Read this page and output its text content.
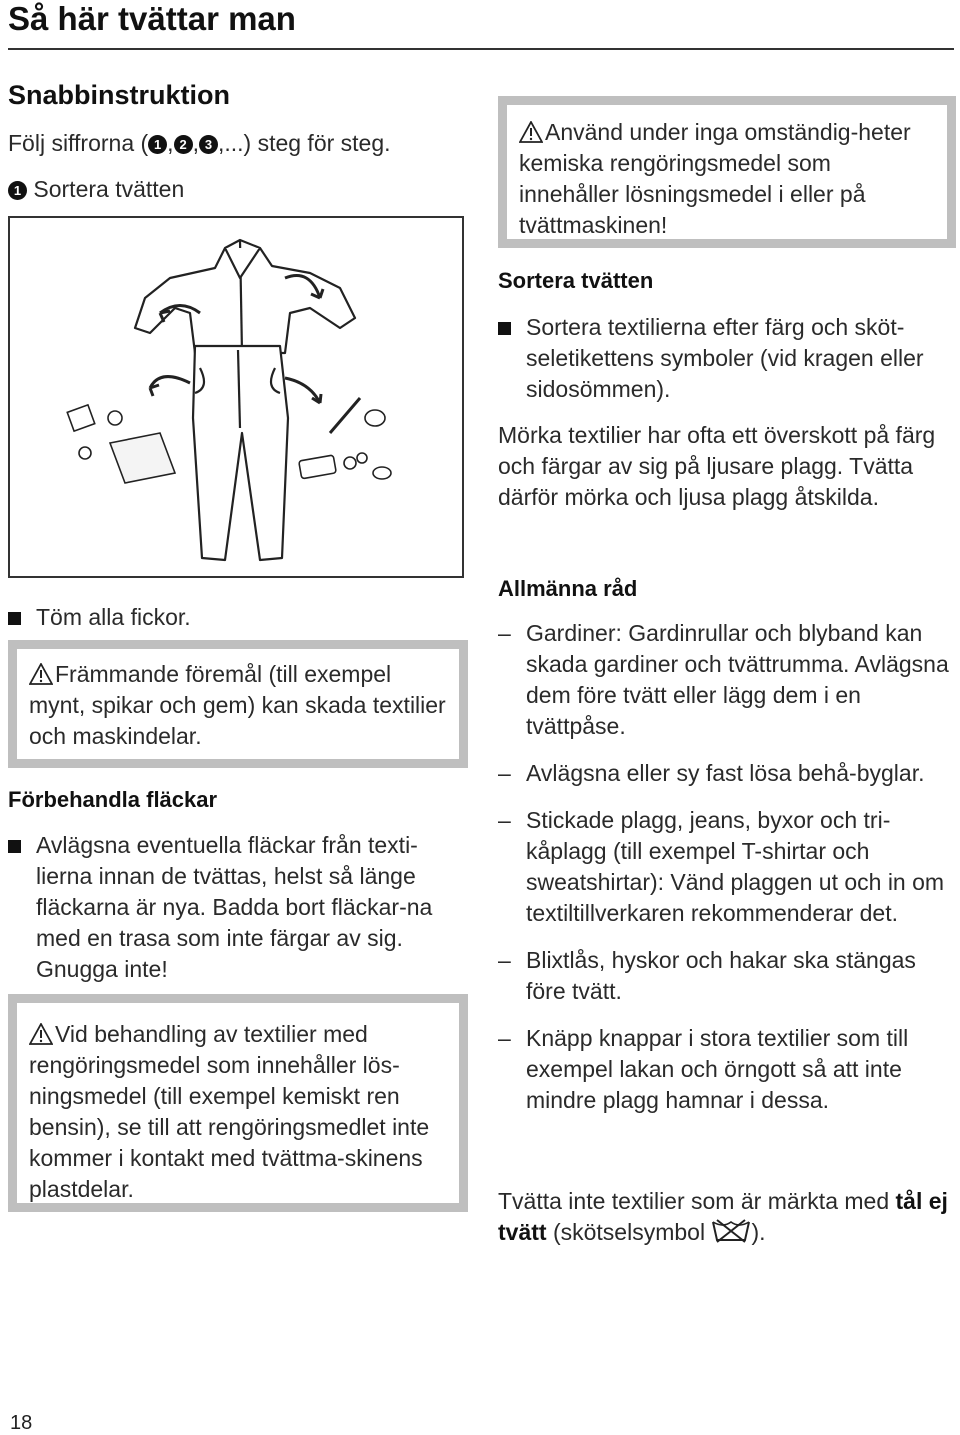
Så här tvättar man
Snabbinstruktion
Följ siffrorna ( 1 , 2 , 3 ,...) steg för steg.
1 Sortera tvätten
Töm alla fickor.
Främmande föremål (till exempel mynt, spikar och gem) kan skada textilier och maskindelar.
Förbehandla fläckar
Avlägsna eventuella fläckar från texti-lierna innan de tvättas, helst så länge fläckarna är nya. Badda bort fläckar-na med en trasa som inte färgar av sig. Gnugga inte!
Vid behandling av textilier med rengöringsmedel som innehåller lös-ningsmedel (till exempel kemiskt ren bensin), se till att rengöringsmedlet inte kommer i kontakt med tvättma-skinens plastdelar.
Använd under inga omständig-heter kemiska rengöringsmedel som innehåller lösningsmedel i eller på tvättmaskinen!
Sortera tvätten
Sortera textilierna efter färg och sköt-seletikettens symboler (vid kragen eller sidosömmen).
Mörka textilier har ofta ett överskott på färg och färgar av sig på ljusare plagg. Tvätta därför mörka och ljusa plagg åtskilda.
Allmänna råd
– Gardiner: Gardinrullar och blyband kan skada gardiner och tvättrumma. Avlägsna dem före tvätt eller lägg dem i en tvättpåse.
– Avlägsna eller sy fast lösa behå-byglar.
– Stickade plagg, jeans, byxor och tri-kåplagg (till exempel T-shirtar och sweatshirtar): Vänd plaggen ut och in om textiltillverkaren rekommenderar det.
– Blixtlås, hyskor och hakar ska stängas före tvätt.
– Knäpp knappar i stora textilier som till exempel lakan och örngott så att inte mindre plagg hamnar i dessa.
Tvätta inte textilier som är märkta med tål ej tvätt (skötselsymbol ).
18
